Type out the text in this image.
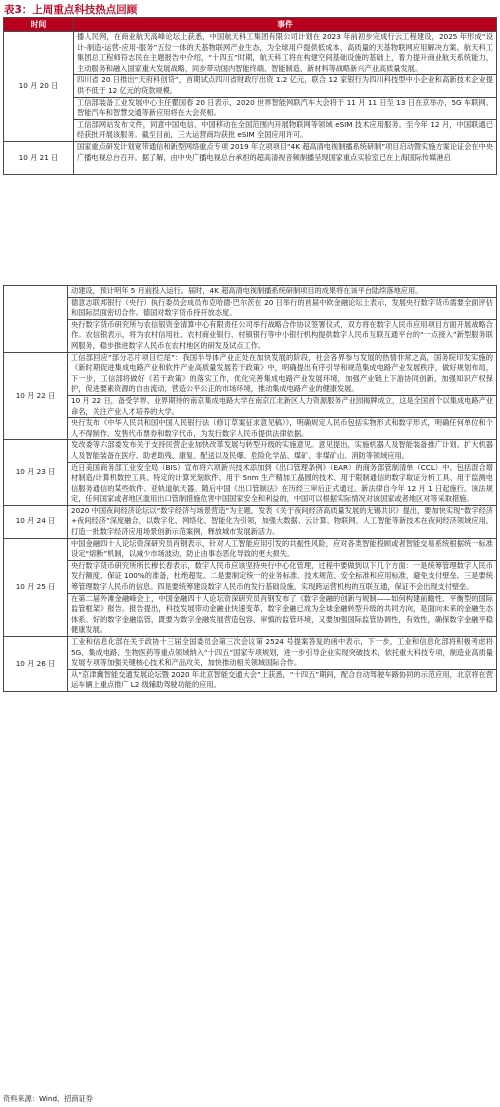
表3：上周重点科技热点回顾
时间	事件
10 月 20 日	播人民网，在商业航天高峰论坛上获悉，中国航天科工集团有限公司计划在 2023 年前初步完成行云工程建设，2025 年形成“设计-制造-运营-应用-服务”五位一体的天基物联网产业生态，为全球用户提供低成本、高质量的天基物联网应用解决方案。航天科工集团总工程师符志民在主题报告中介绍，“十四五”时期，航天科工将在构建空间基础设施的基础上，着力提升商业航天系统能力，主动服务和融入国家重大发展战略，同步带动国内智能终端、智能制造、新材料等战略新兴产业高质量发展。

	四川省 20 日推出“天府科创贷”，首期试点四川省财政厅出资 1.2 亿元，联合 12 家银行为四川科技型中小企业和高新技术企业提供不低于 12 亿元的贷款规模。

	工信部装备工业发展中心主任瞿国春 20 日表示，2020 世界智能网联汽车大会将于 11 月 11 日至 13 日在京举办，5G 车联网、智能汽车和智慧交通等新应用将在大会亮相。

	工信部网站发布文件，同意中国电信、中国移动在全国范围内开展物联网等领域 eSIM 技术应用服务。至今年 12 月，中国联通已经获批开展该服务。截至目前，三大运营商均获批 eSIM 全国应用许可。

10 月 21 日	国家重点研发计划宽带通信和新型网络重点专项 2019 年立项项目“4K 超高清电视制播系统研制”项目启动暨实施方案论证会在中央广播电视总台召开。据了解，由中央广播电视总台承担的超高清视音频制播呈现国家重点实验室已在上海国际传媒港启

	动建设，预计明年 5 月前投入运行。届时，4K 超高清电视制播系统研制项目的成果将在该平台陆续落地应用。

	德意志联邦银行（央行）执行委员会成员布克哈德·巴尔茨在 20 日举行的首届中欧金融论坛上表示，发展央行数字货币需要全面评估和国际层面密切合作。德国对数字货币持开放态度。

	央行数字货币研究所与农信银资金清算中心有限责任公司举行战略合作协议签署仪式，双方将在数字人民币应用项目方面开展战略合作。农信银表示，将为农村信用社、农村商业银行、村镇银行等中小银行机构提供数字人民币互联互通平台的“一点接入”新型服务联网服务，稳步推进数字人民币在农村地区的研发及试点工作。

10 月 22 日	工信部回应“部分芯片项目烂尾”：我国半导体产业正处在加快发展的阶段，社会各界参与发展的热情非常之高，国务院印发实施的《新时期促进集成电路产业和软件产业高质量发展若干政策》中，明确提出有序引导和规范集成电路产业发展秩序，做好规划布局，下一步，工信部将做好《若干政策》的落实工作，优化完善集成电路产业发展环境，加强产业链上下游协同创新，加强知识产权保护，促进要素资源的自由流动，营造公平公正的市场环境，推动集成电路产业的健康发展。

	10 月 22 日，备受学界、业界期待的南京集成电路大学在南京江北新区人力资源服务产业园揭牌成立，这是全国首个以集成电路产业命名，关注产业人才培养的大学。

	央行发布《中华人民共和国中国人民银行法（修订草案征求意见稿）》，明确规定人民币包括实物形式和数字形式，明确任何单位和个人不得制作、发售代币票券和数字代币，为发行数字人民币提供法律依据。

10 月 23 日	发改委等六部委发布关于支持民营企业加快改革发展与转型升级的实施意见。意见提出，实施机器人及智能装备推广计划。扩大机器人及智能装备在医疗、助老助残、康复、配送以及民爆、危险化学品、煤矿、非煤矿山、消防等领域应用。

	近日美国商务部工业安全局（BIS）宣布将六项新兴技术添加到《出口管理条例》（EAR）的商务部管制清单（CCL）中。包括混合增材制造/计算机数控工具、特定的计算光刻软件、用于 5nm 生产精加工晶圆的技术、用于限制通信的数字取证分析工具、用于监测电信服务通信的某些软件、亚轨道航天器。随后中国《出口管制法》在历经三审后正式通过。新法律自今年 12 月 1 日起施行。该法规定，任何国家或者地区滥用出口管制措施危害中国国家安全和利益的，中国可以根据实际情况对该国家或者地区对等采取措施。

10 月 24 日	2020 中国夜间经济论坛以“数字经济与场景营造”为主题，发表《关于夜间经济高质量发展的无锡共识》提出，要加快实现“数字经济+夜间经济”深度融合，以数字化、网络化、智能化为引领，加强大数据、云计算、物联网、人工智能等新技术在夜间经济领域应用，打造一批数字经济应用场景创新示范案例，释放城市发展新活力。

10 月 25 日	中国金融四十人论坛资深研究员肖钢表示，针对人工智能应用引发的共振性风险，应对各类智能投顾或者智能交易系统根据统一标准设定“熔断”机制，以减少市场波动，防止由事态恶化导致的更大损失。

	央行数字货币研究所所长穆长春表示，数字人民币应该坚持央行中心化管理，过程中要做到以下几个方面：一是统筹管理数字人民币发行额度，保证 100%的准备，杜绝超发。二是要制定统一的业务标准、技术规范、安全标准和应用标准，避免支付壁垒。三是要统筹管理数字人民币的信息。四是要统筹建设数字人民币的发行基础设施，实现跨运营机构的互联互通，保证不会出现支付壁垒。

	在第二届外滩金融峰会上，中国金融四十人论坛资深研究员肖钢发布了《数字金融的创新与规制——如何构建前瞻性、平衡型的国际监管框架》报告。报告提出，科技发展带动金融业快速变革，数字金融已成为全球金融转型升级的共同方向，是面向未来的金融生态体系。好的数字金融监管，既要为数字金融发展营造包容、审慎的监管环境，又要加强国际监管协调性，有效性，确保数字金融平稳健康发展。

10 月 26 日	工业和信息化部在关于政协十三届全国委员会第三次会议第 2524 号提案答复的函中表示，下一步，工业和信息化部将积极考虑将 5G、集成电路、生物医药等重点领域纳入“十四五”国家专项规划，进一步引导企业实现突破技术，依托重大科技专项，制造业高质量发展专项等加强关键核心技术和产品攻关，加快推动相关领域国际合作。

	从“京津冀智能交通发展论坛暨 2020 年北京智能交通大会”上获悉，“十四五”期间，配合自动驾驶车路协同的示范应用，北京将在营运车辆上重点推广 L2 级辅助驾驶功能的应用。
资料来源：Wind、招商证券
